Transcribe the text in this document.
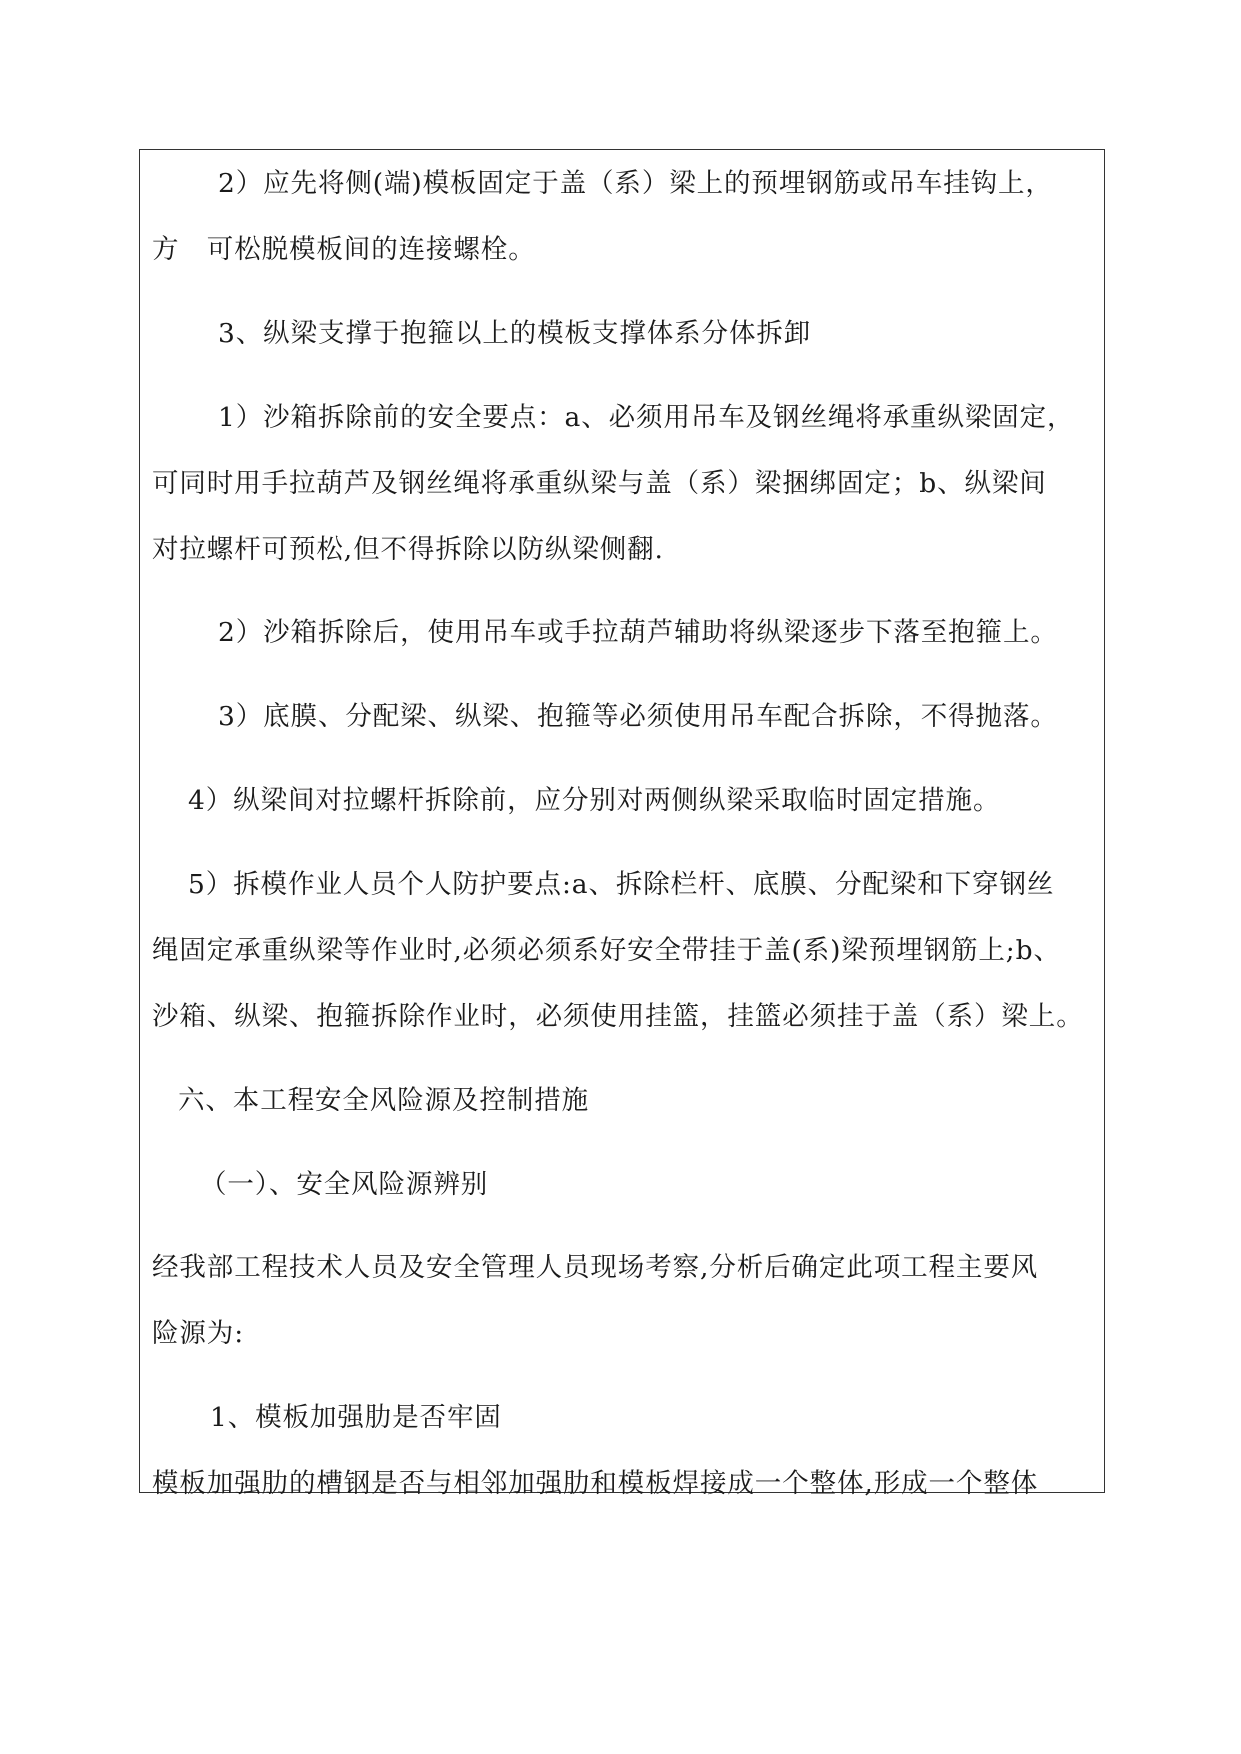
2）应先将侧(端)模板固定于盖（系）梁上的预埋钢筋或吊车挂钩上，
方　可松脱模板间的连接螺栓。
3、纵梁支撑于抱箍以上的模板支撑体系分体拆卸
1）沙箱拆除前的安全要点：a、必须用吊车及钢丝绳将承重纵梁固定，
可同时用手拉葫芦及钢丝绳将承重纵梁与盖（系）梁捆绑固定；b、纵梁间
对拉螺杆可预松,但不得拆除以防纵梁侧翻.
2）沙箱拆除后，使用吊车或手拉葫芦辅助将纵梁逐步下落至抱箍上。
3）底膜、分配梁、纵梁、抱箍等必须使用吊车配合拆除，不得抛落。
4）纵梁间对拉螺杆拆除前，应分别对两侧纵梁采取临时固定措施。
5）拆模作业人员个人防护要点:a、拆除栏杆、底膜、分配梁和下穿钢丝
绳固定承重纵梁等作业时,必须必须系好安全带挂于盖(系)梁预埋钢筋上;b、
沙箱、纵梁、抱箍拆除作业时，必须使用挂篮，挂篮必须挂于盖（系）梁上。
六、本工程安全风险源及控制措施
（一）、安全风险源辨别
经我部工程技术人员及安全管理人员现场考察,分析后确定此项工程主要风
险源为:
1、模板加强肋是否牢固
模板加强肋的槽钢是否与相邻加强肋和模板焊接成一个整体,形成一个整体
